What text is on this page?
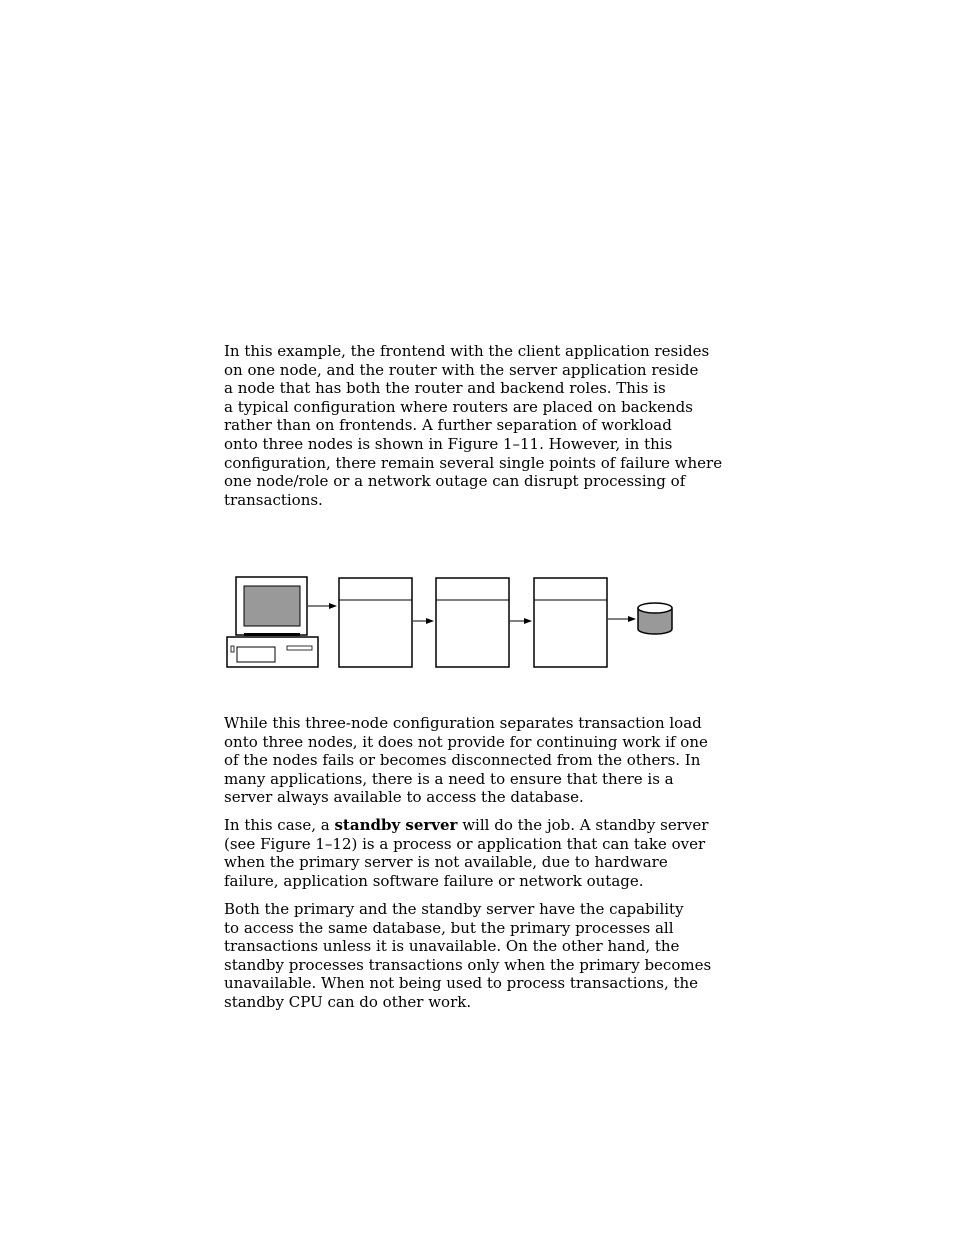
In this example, the frontend with the client application resides
on one node, and the router with the server application reside
a node that has both the router and backend roles. This is
a typical configuration where routers are placed on backends
rather than on frontends. A further separation of workload
onto three nodes is shown in Figure 1–11. However, in this
configuration, there remain several single points of failure where
one node/role or a network outage can disrupt processing of
transactions.

While this three-node configuration separates transaction load
onto three nodes, it does not provide for continuing work if one
of the nodes fails or becomes disconnected from the others. In
many applications, there is a need to ensure that there is a
server always available to access the database.

In this case, a standby server will do the job. A standby server
(see Figure 1–12) is a process or application that can take over
when the primary server is not available, due to hardware
failure, application software failure or network outage.

Both the primary and the standby server have the capability
to access the same database, but the primary processes all
transactions unless it is unavailable. On the other hand, the
standby processes transactions only when the primary becomes
unavailable. When not being used to process transactions, the
standby CPU can do other work.
